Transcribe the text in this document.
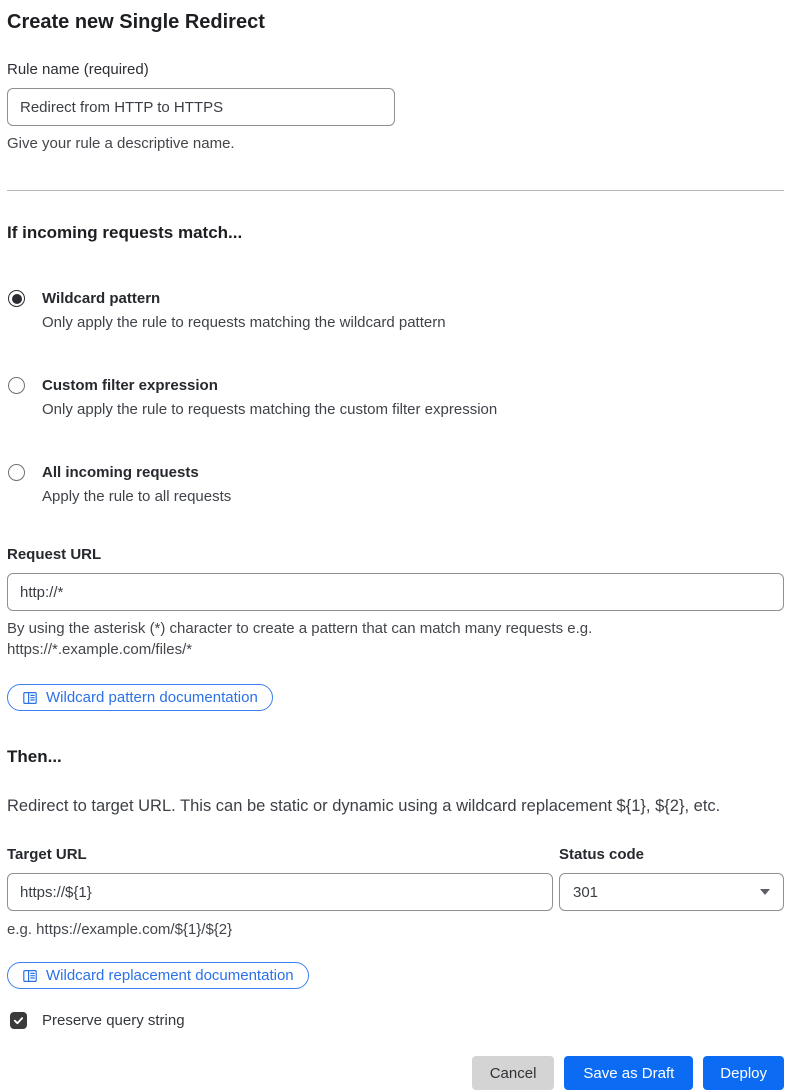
Create new Single Redirect
Rule name (required)
Redirect from HTTP to HTTPS
Give your rule a descriptive name.
If incoming requests match...
Wildcard pattern
Only apply the rule to requests matching the wildcard pattern
Custom filter expression
Only apply the rule to requests matching the custom filter expression
All incoming requests
Apply the rule to all requests
Request URL
http://*
By using the asterisk (*) character to create a pattern that can match many requests e.g. https://*.example.com/files/*
Wildcard pattern documentation
Then...
Redirect to target URL. This can be static or dynamic using a wildcard replacement ${1}, ${2}, etc.
Target URL
https://${1}
e.g. https://example.com/${1}/${2}
Status code
301
Wildcard replacement documentation
Preserve query string
Cancel	Save as Draft	Deploy
